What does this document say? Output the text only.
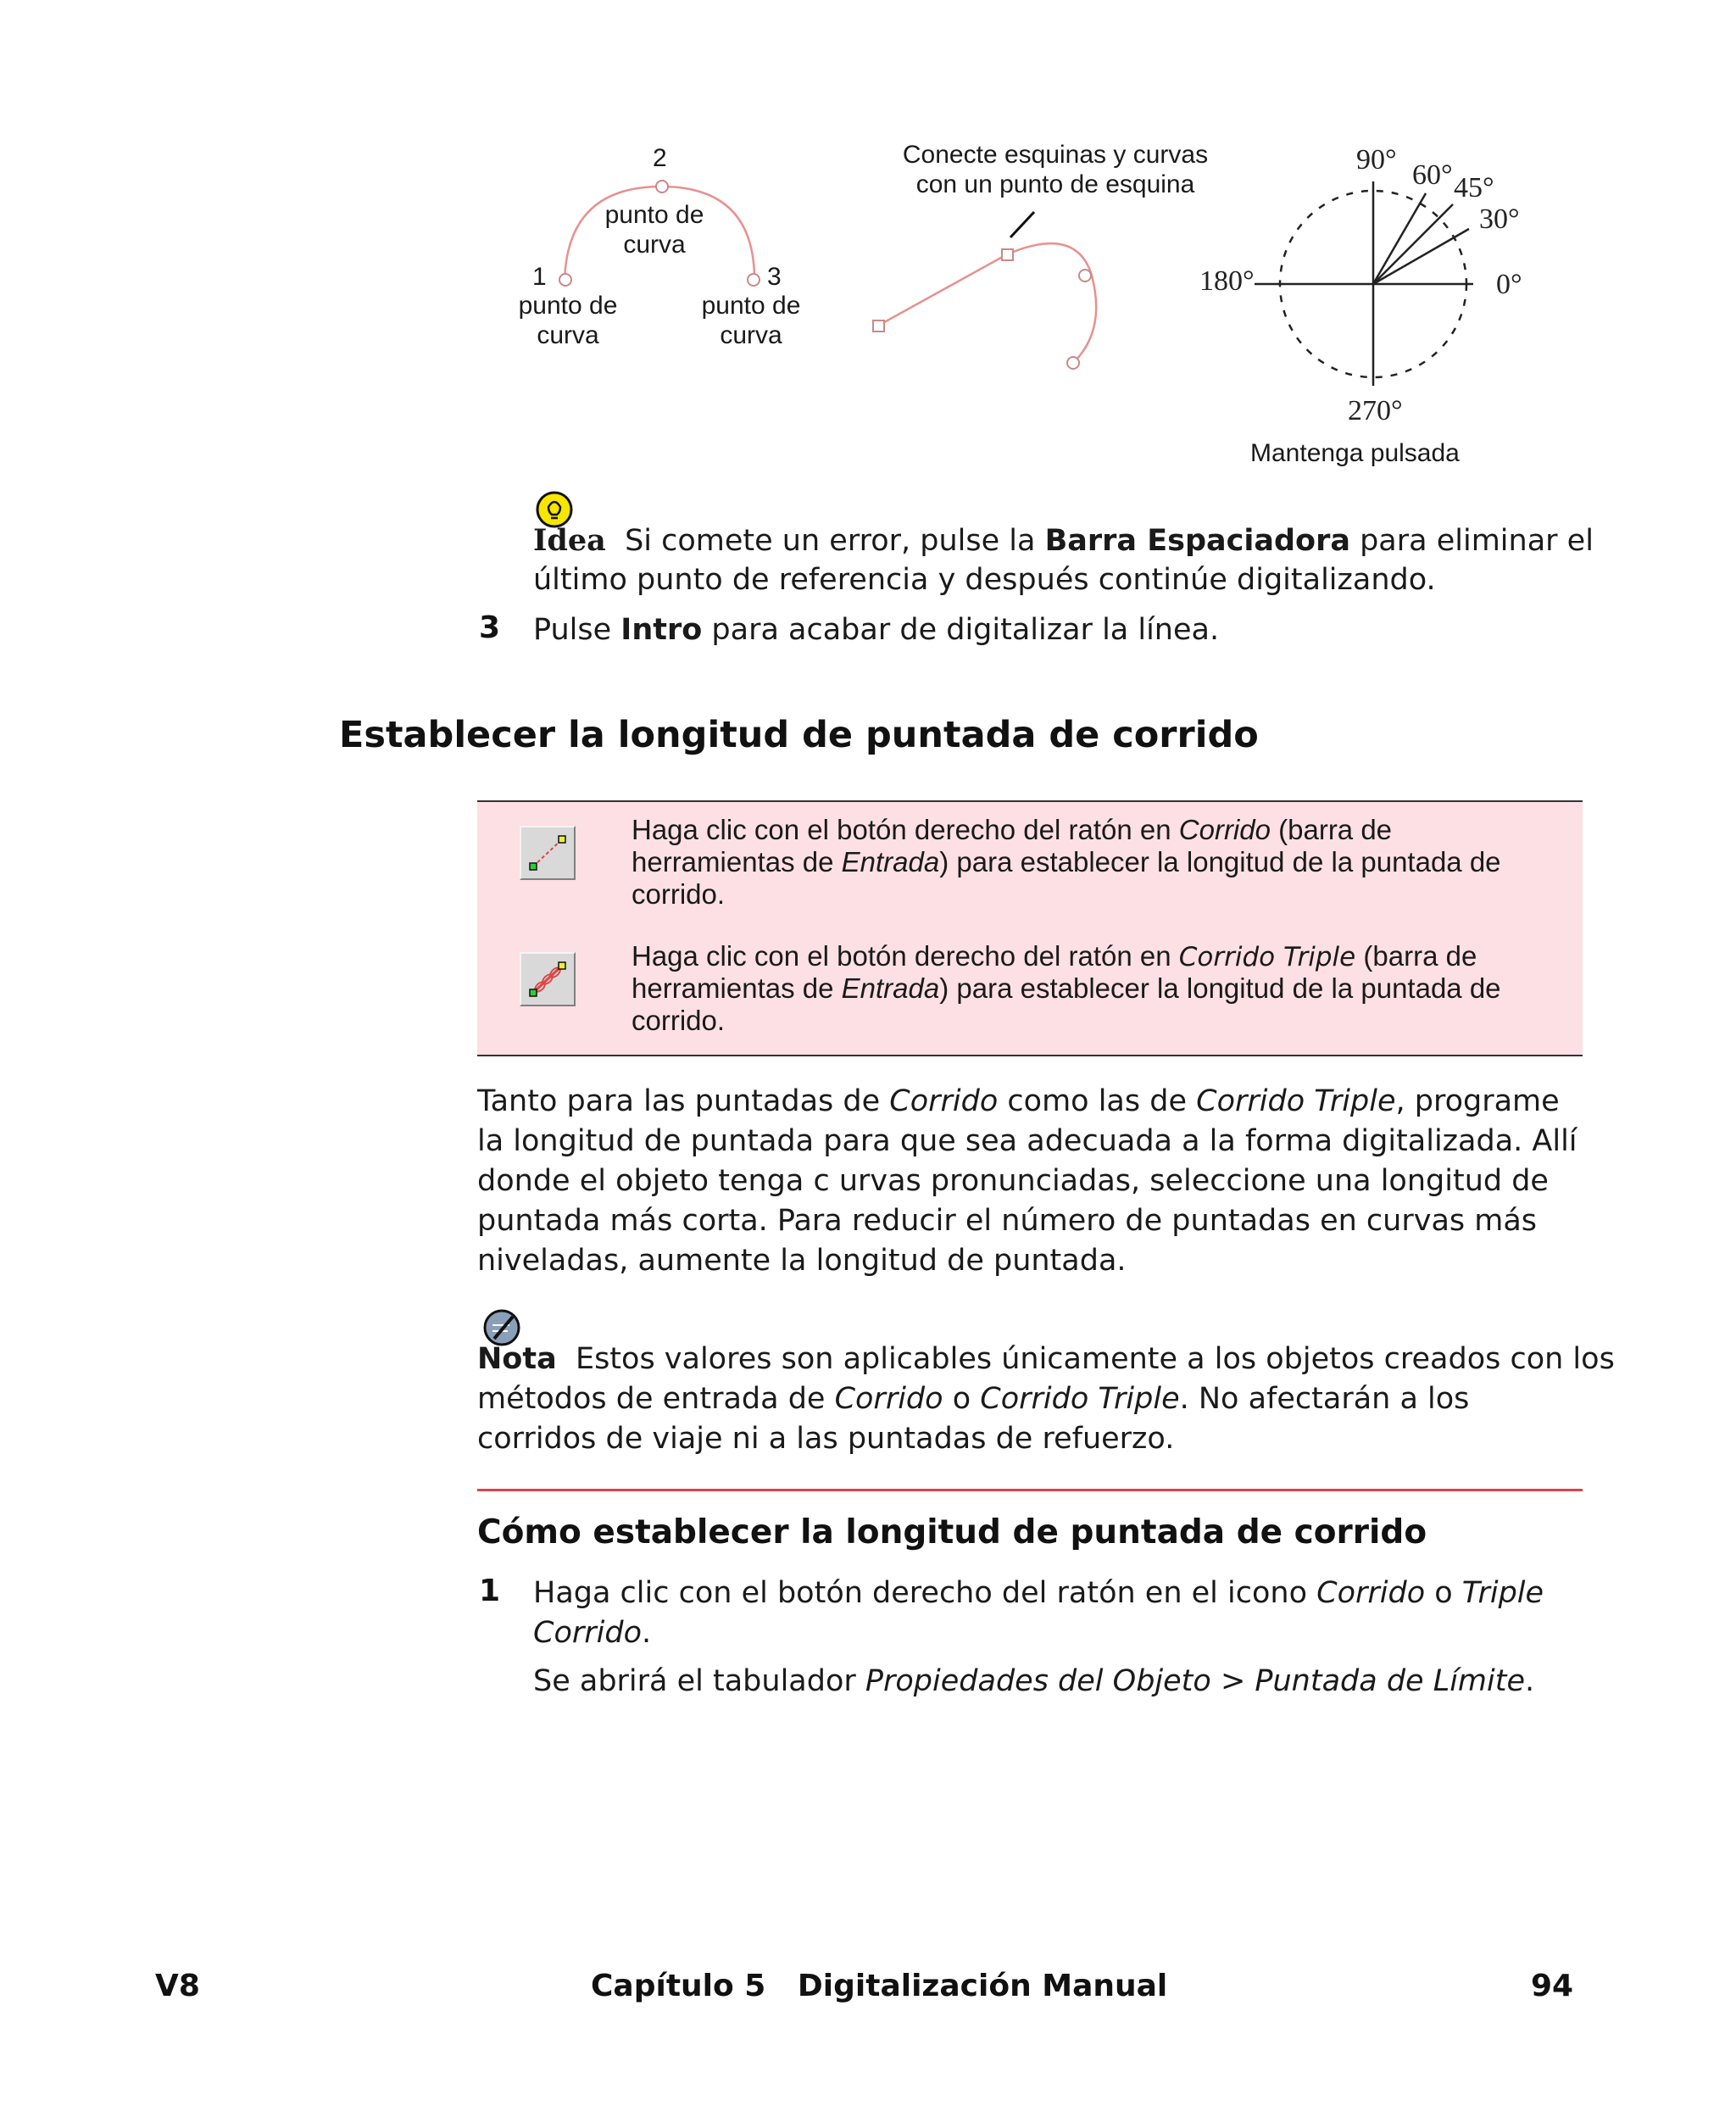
2
punto de
curva
1	3
punto de
curva
punto de
curva
Conecte esquinas y curvas
con un punto de esquina
90° 60° 45°
30°
180°	0°
270°
Mantenga pulsada
Idea Si comete un error, pulse la Barra Espaciadora para eliminar el
último punto de referencia y después continúe digitalizando.
3 Pulse Intro para acabar de digitalizar la línea.
Establecer la longitud de puntada de corrido
Haga clic con el botón derecho del ratón en Corrido (barra de
herramientas de Entrada) para establecer la longitud de la puntada de
corrido.
Haga clic con el botón derecho del ratón en Corrido Triple (barra de
herramientas de Entrada) para establecer la longitud de la puntada de
corrido.
Tanto para las puntadas de Corrido como las de Corrido Triple, programe
la longitud de puntada para que sea adecuada a la forma digitalizada. Allí
donde el objeto tenga c urvas pronunciadas, seleccione una longitud de
puntada más corta. Para reducir el número de puntadas en curvas más
niveladas, aumente la longitud de puntada.
Nota Estos valores son aplicables únicamente a los objetos creados con los
métodos de entrada de Corrido o Corrido Triple. No afectarán a los
corridos de viaje ni a las puntadas de refuerzo.
Cómo establecer la longitud de puntada de corrido
1 Haga clic con el botón derecho del ratón en el icono Corrido o Triple
Corrido.
Se abrirá el tabulador Propiedades del Objeto > Puntada de Límite.
V8	Capítulo 5   Digitalización Manual	94
